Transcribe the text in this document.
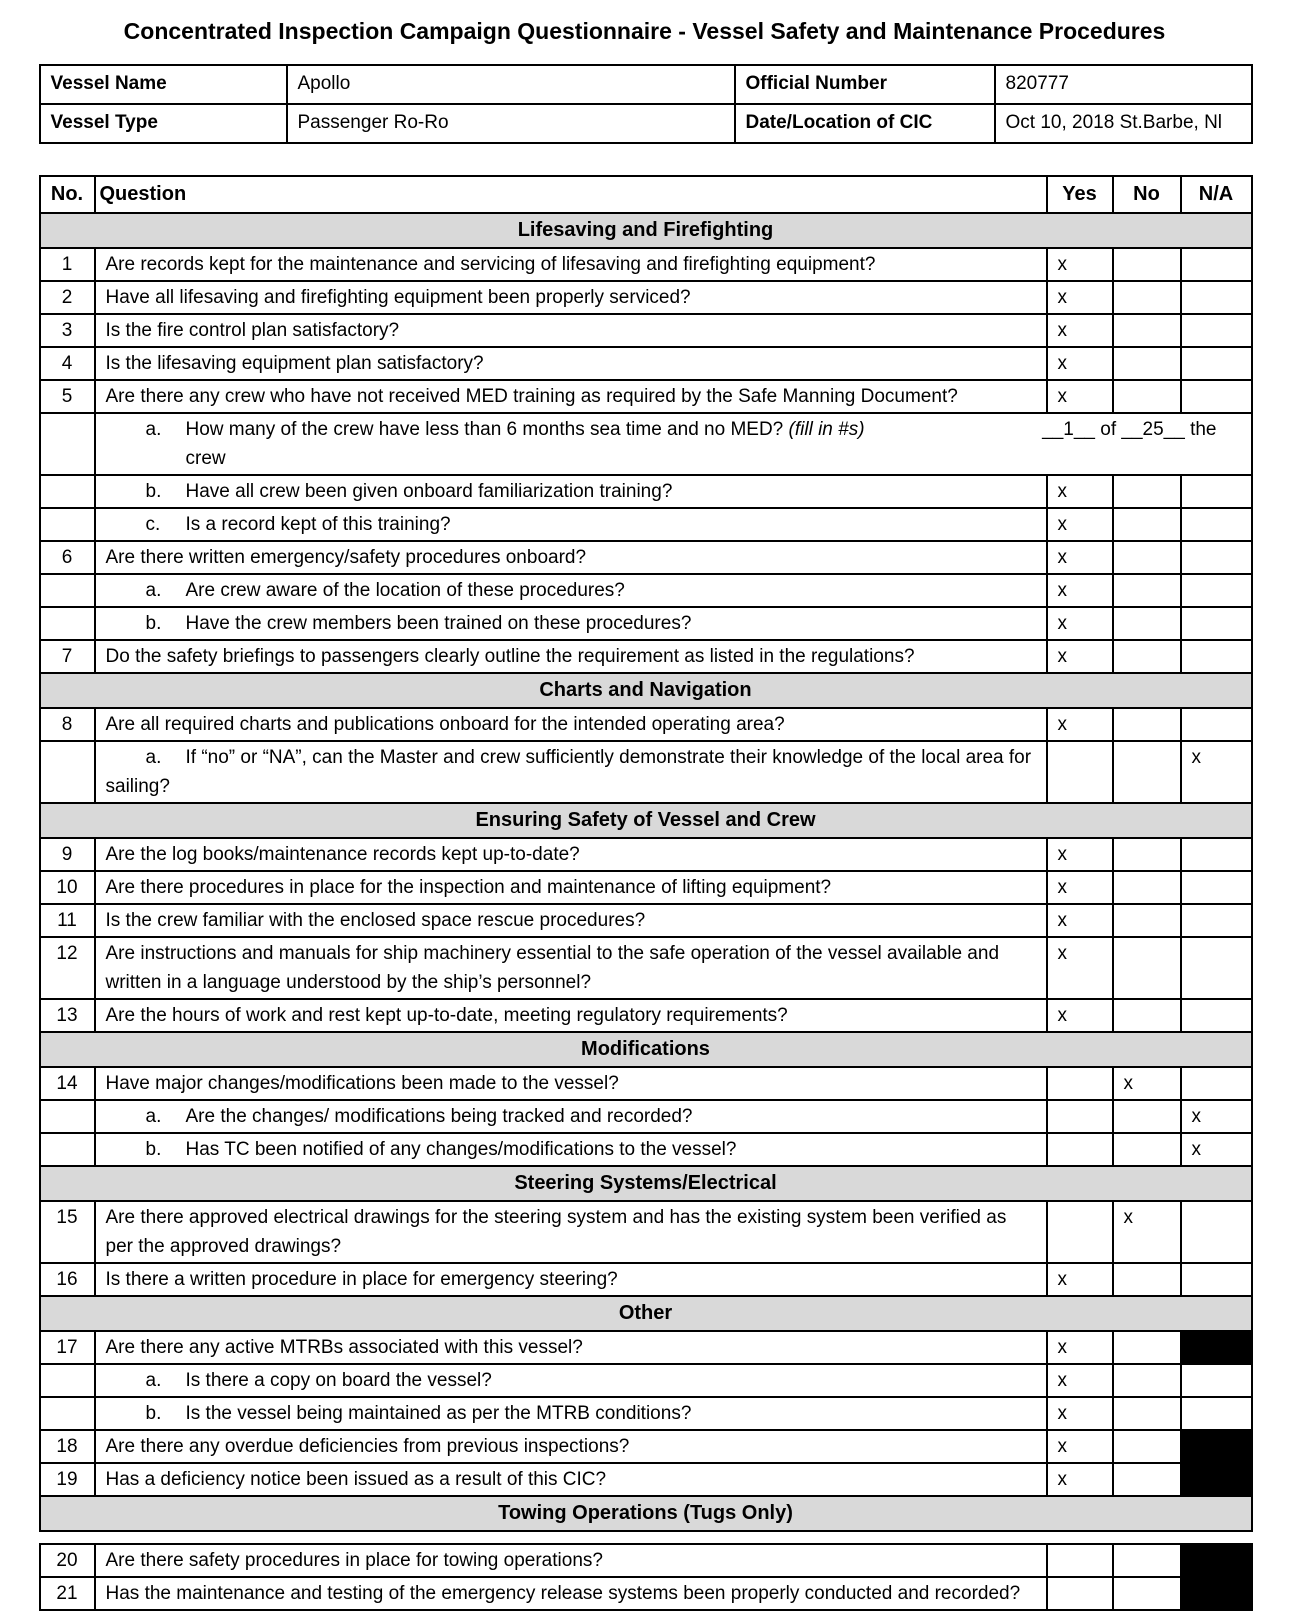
Concentrated Inspection Campaign Questionnaire - Vessel Safety and Maintenance Procedures
Vessel Name	Apollo	Official Number	820777
Vessel Type	Passenger Ro-Ro	Date/Location of CIC	Oct 10, 2018 St.Barbe, Nl
No.	Question	Yes	No	N/A
Lifesaving and Firefighting				
1	Are records kept for the maintenance and servicing of lifesaving and firefighting equipment?	x		
2	Have all lifesaving and firefighting equipment been properly serviced?	x		
3	Is the fire control plan satisfactory?	x		
4	Is the lifesaving equipment plan satisfactory?	x		
5	Are there any crew who have not received MED training as required by the Safe Manning Document?	x		

	a. How many of the crew have less than 6 months sea time and no MED? (fill in #s) __1__ of __25__ the
crew			

	b. Have all crew been given onboard familiarization training?	x		
	c. Is a record kept of this training?	x		
6	Are there written emergency/safety procedures onboard?	x		
	a. Are crew aware of the location of these procedures?	x		
	b. Have the crew members been trained on these procedures?	x		
7	Do the safety briefings to passengers clearly outline the requirement as listed in the regulations?	x		
Charts and Navigation				
8	Are all required charts and publications onboard for the intended operating area?	x		
	a. If “no” or “NA”, can the Master and crew sufficiently demonstrate their knowledge of the local area for sailing?			x
Ensuring Safety of Vessel and Crew				
9	Are the log books/maintenance records kept up-to-date?	x		
10	Are there procedures in place for the inspection and maintenance of lifting equipment?	x		
11	Is the crew familiar with the enclosed space rescue procedures?	x		
12	Are instructions and manuals for ship machinery essential to the safe operation of the vessel available and written in a language understood by the ship’s personnel?	x		
13	Are the hours of work and rest kept up-to-date, meeting regulatory requirements?	x		
Modifications				
14	Have major changes/modifications been made to the vessel?		x	
	a. Are the changes/ modifications being tracked and recorded?			x
	b. Has TC been notified of any changes/modifications to the vessel?			x
Steering Systems/Electrical				
15	Are there approved electrical drawings for the steering system and has the existing system been verified as per the approved drawings?		x	
16	Is there a written procedure in place for emergency steering?	x		
Other				
17	Are there any active MTRBs associated with this vessel?	x		
	a. Is there a copy on board the vessel?	x		
	b. Is the vessel being maintained as per the MTRB conditions?	x		
18	Are there any overdue deficiencies from previous inspections?	x		
19	Has a deficiency notice been issued as a result of this CIC?	x		
Towing Operations (Tugs Only)				

20	Are there safety procedures in place for towing operations?			
21	Has the maintenance and testing of the emergency release systems been properly conducted and recorded?			
